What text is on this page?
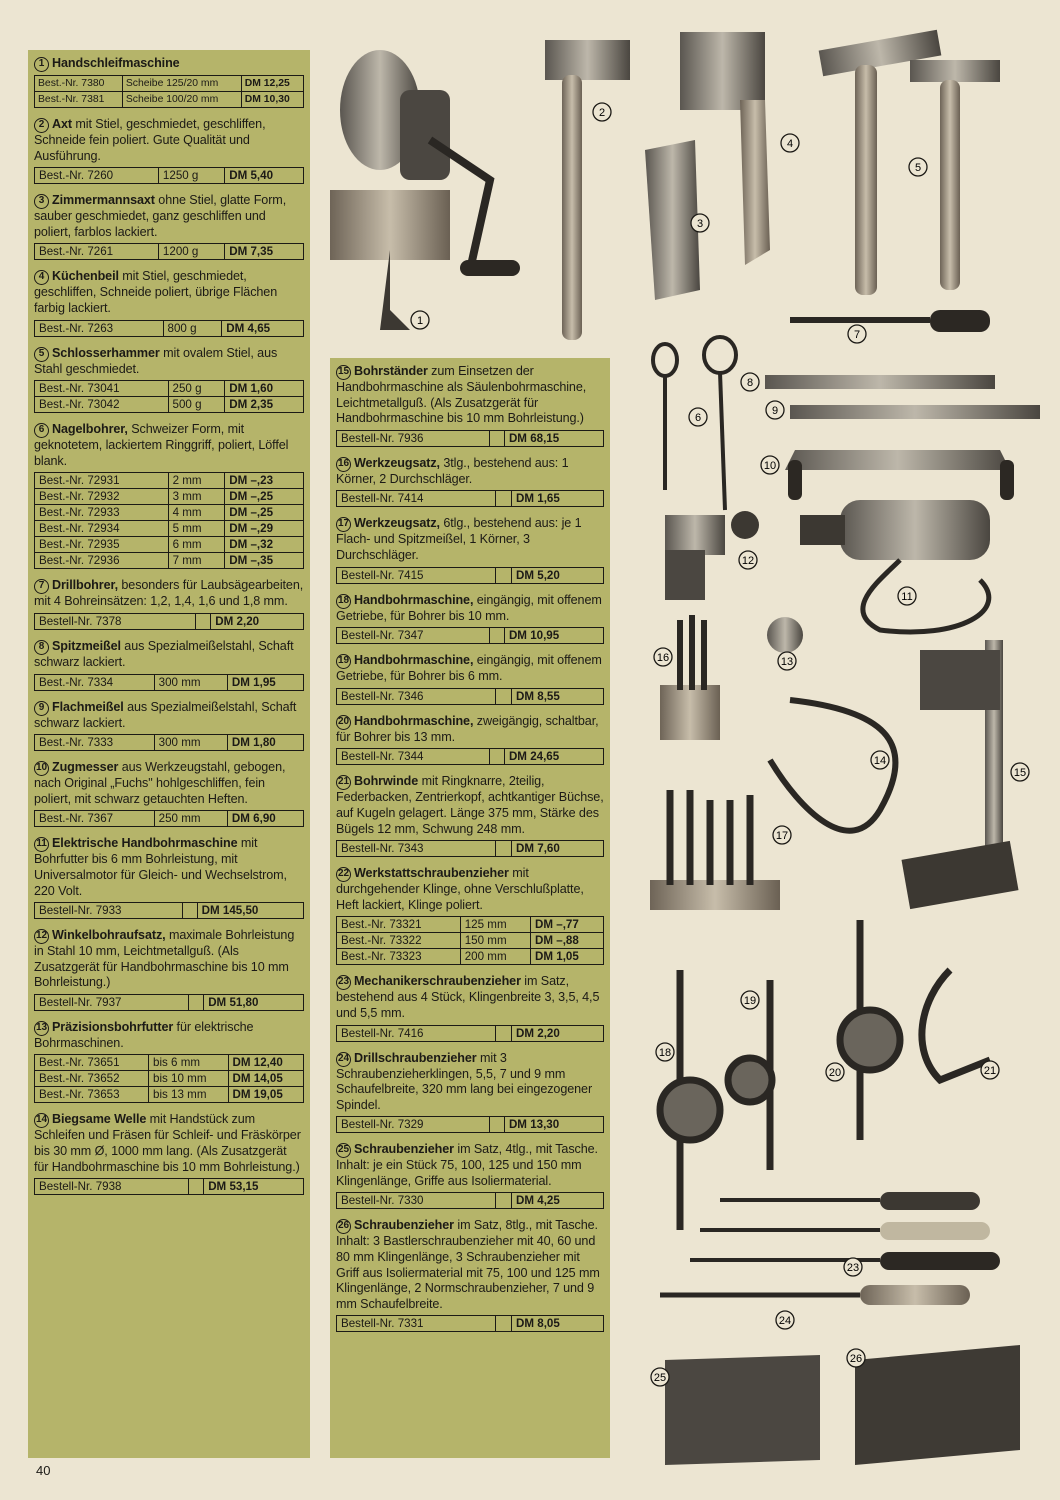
1 Handschleifmaschine
Best.-Nr. 7380	Scheibe 125/20 mm	DM 12,25
Best.-Nr. 7381	Scheibe 100/20 mm	DM 10,30
2 Axt mit Stiel, geschmiedet, geschliffen, Schneide fein poliert. Gute Qualität und Ausführung.
Best.-Nr. 7260	1250 g	DM 5,40
3 Zimmermannsaxt ohne Stiel, glatte Form, sauber geschmiedet, ganz geschliffen und poliert, farblos lackiert.
Best.-Nr. 7261	1200 g	DM 7,35
4 Küchenbeil mit Stiel, geschmiedet, geschliffen, Schneide poliert, übrige Flächen farbig lackiert.
Best.-Nr. 7263	800 g	DM 4,65
5 Schlosserhammer mit ovalem Stiel, aus Stahl geschmiedet.
Best.-Nr. 73041	250 g	DM 1,60
Best.-Nr. 73042	500 g	DM 2,35
6 Nagelbohrer, Schweizer Form, mit geknotetem, lackiertem Ringgriff, poliert, Löffel blank.
Best.-Nr. 72931	2 mm	DM –,23
Best.-Nr. 72932	3 mm	DM –,25
Best.-Nr. 72933	4 mm	DM –,25
Best.-Nr. 72934	5 mm	DM –,29
Best.-Nr. 72935	6 mm	DM –,32
Best.-Nr. 72936	7 mm	DM –,35
7 Drillbohrer, besonders für Laubsägearbeiten, mit 4 Bohreinsätzen: 1,2, 1,4, 1,6 und 1,8 mm.
Bestell-Nr. 7378		DM 2,20
8 Spitzmeißel aus Spezialmeißelstahl, Schaft schwarz lackiert.
Best.-Nr. 7334	300 mm	DM 1,95
9 Flachmeißel aus Spezialmeißelstahl, Schaft schwarz lackiert.
Best.-Nr. 7333	300 mm	DM 1,80
10 Zugmesser aus Werkzeugstahl, gebogen, nach Original „Fuchs" hohlgeschliffen, fein poliert, mit schwarz getauchten Heften.
Best.-Nr. 7367	250 mm	DM 6,90
11 Elektrische Handbohrmaschine mit Bohrfutter bis 6 mm Bohrleistung, mit Universalmotor für Gleich- und Wechselstrom, 220 Volt.
Bestell-Nr. 7933		DM 145,50
12 Winkelbohraufsatz, maximale Bohrleistung in Stahl 10 mm, Leichtmetallguß. (Als Zusatzgerät für Handbohrmaschine bis 10 mm Bohrleistung.)
Bestell-Nr. 7937		DM 51,80
13 Präzisionsbohrfutter für elektrische Bohrmaschinen.
Best.-Nr. 73651	bis 6 mm	DM 12,40
Best.-Nr. 73652	bis 10 mm	DM 14,05
Best.-Nr. 73653	bis 13 mm	DM 19,05
14 Biegsame Welle mit Handstück zum Schleifen und Fräsen für Schleif- und Fräskörper bis 30 mm Ø, 1000 mm lang. (Als Zusatzgerät für Handbohrmaschine bis 10 mm Bohrleistung.)
Bestell-Nr. 7938		DM 53,15
15 Bohrständer zum Einsetzen der Handbohrmaschine als Säulenbohrmaschine, Leichtmetallguß. (Als Zusatzgerät für Handbohrmaschine bis 10 mm Bohrleistung.)
Bestell-Nr. 7936		DM 68,15
16 Werkzeugsatz, 3tlg., bestehend aus: 1 Körner, 2 Durchschläger.
Bestell-Nr. 7414		DM 1,65
17 Werkzeugsatz, 6tlg., bestehend aus: je 1 Flach- und Spitzmeißel, 1 Körner, 3 Durchschläger.
Bestell-Nr. 7415		DM 5,20
18 Handbohrmaschine, eingängig, mit offenem Getriebe, für Bohrer bis 10 mm.
Bestell-Nr. 7347		DM 10,95
19 Handbohrmaschine, eingängig, mit offenem Getriebe, für Bohrer bis 6 mm.
Bestell-Nr. 7346		DM 8,55
20 Handbohrmaschine, zweigängig, schaltbar, für Bohrer bis 13 mm.
Bestell-Nr. 7344		DM 24,65
21 Bohrwinde mit Ringknarre, 2teilig, Federbacken, Zentrierkopf, achtkantiger Büchse, auf Kugeln gelagert. Länge 375 mm, Stärke des Bügels 12 mm, Schwung 248 mm.
Bestell-Nr. 7343		DM 7,60
22 Werkstattschraubenzieher mit durchgehender Klinge, ohne Verschlußplatte, Heft lackiert, Klinge poliert.
Best.-Nr. 73321	125 mm	DM –,77
Best.-Nr. 73322	150 mm	DM –,88
Best.-Nr. 73323	200 mm	DM 1,05
23 Mechanikerschraubenzieher im Satz, bestehend aus 4 Stück, Klingenbreite 3, 3,5, 4,5 und 5,5 mm.
Bestell-Nr. 7416		DM 2,20
24 Drillschraubenzieher mit 3 Schraubenzieherklingen, 5,5, 7 und 9 mm Schaufelbreite, 320 mm lang bei eingezogener Spindel.
Bestell-Nr. 7329		DM 13,30
25 Schraubenzieher im Satz, 4tlg., mit Tasche. Inhalt: je ein Stück 75, 100, 125 und 150 mm Klingenlänge, Griffe aus Isoliermaterial.
Bestell-Nr. 7330		DM 4,25
26 Schraubenzieher im Satz, 8tlg., mit Tasche. Inhalt: 3 Bastlerschraubenzieher mit 40, 60 und 80 mm Klingenlänge, 3 Schraubenzieher mit Griff aus Isoliermaterial mit 75, 100 und 125 mm Klingenlänge, 2 Normschraubenzieher, 7 und 9 mm Schaufelbreite.
Bestell-Nr. 7331		DM 8,05
1
2
3
4
5
6
7
8
9
10
11
12
13
14
15
16
17
18
19
20	21
23
24
25
26
40
